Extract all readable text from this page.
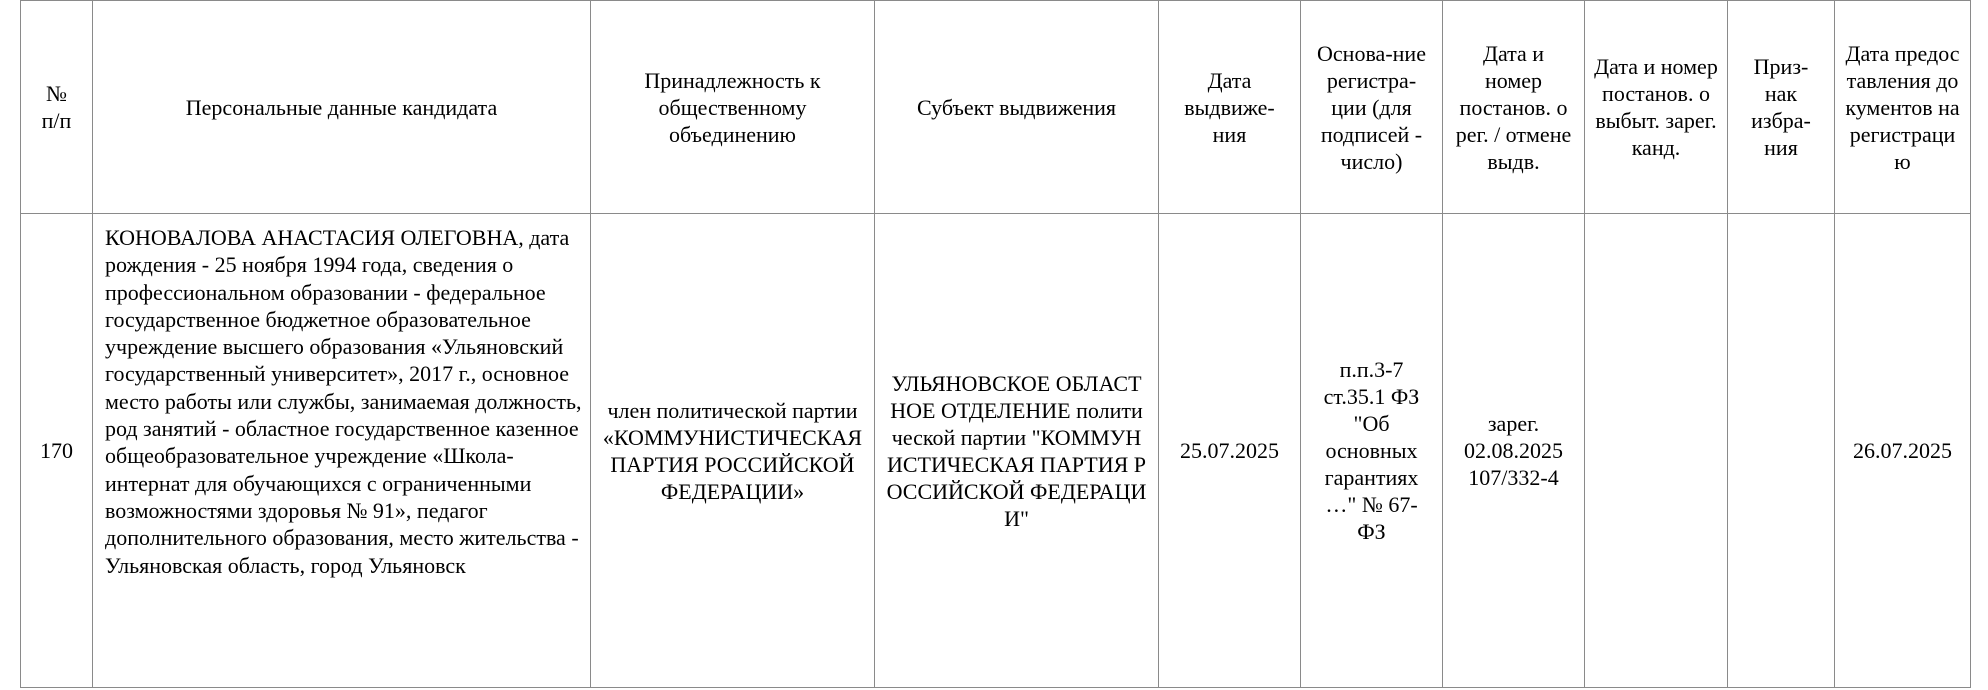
№ п/п	Персональные данные кандидата	Принадлежность к общественному объединению	Субъект выдвижения	Дата выдвиже-ния	Основа-ние регистра-ции (для подписей - число)	Дата и номер постанов. о рег. / отмене выдв.	Дата и номер постанов. о выбыт. зарег. канд.	Приз-нак избра-ния	Дата предоставления документов на регистрацию
170	КОНОВАЛОВА АНАСТАСИЯ ОЛЕГОВНА, дата рождения - 25 ноября 1994 года, сведения о профессиональном образовании - федеральное государственное бюджетное образовательное учреждение высшего образования «Ульяновский государственный университет», 2017 г., основное место работы или службы, занимаемая должность, род занятий - областное государственное казенное общеобразовательное учреждение «Школа-интернат для обучающихся с ограниченными возможностями здоровья № 91», педагог дополнительного образования, место жительства - Ульяновская область, город Ульяновск	член политической партии «КОММУНИСТИЧЕСКАЯ ПАРТИЯ РОССИЙСКОЙ ФЕДЕРАЦИИ»	УЛЬЯНОВСКОЕ ОБЛАСТНОЕ ОТДЕЛЕНИЕ политической партии "КОММУНИСТИЧЕСКАЯ ПАРТИЯ РОССИЙСКОЙ ФЕДЕРАЦИИ"	25.07.2025	п.п.3-7 ст.35.1 ФЗ "Об основных гарантиях …" № 67-ФЗ	зарег. 02.08.2025 107/332-4			26.07.2025
